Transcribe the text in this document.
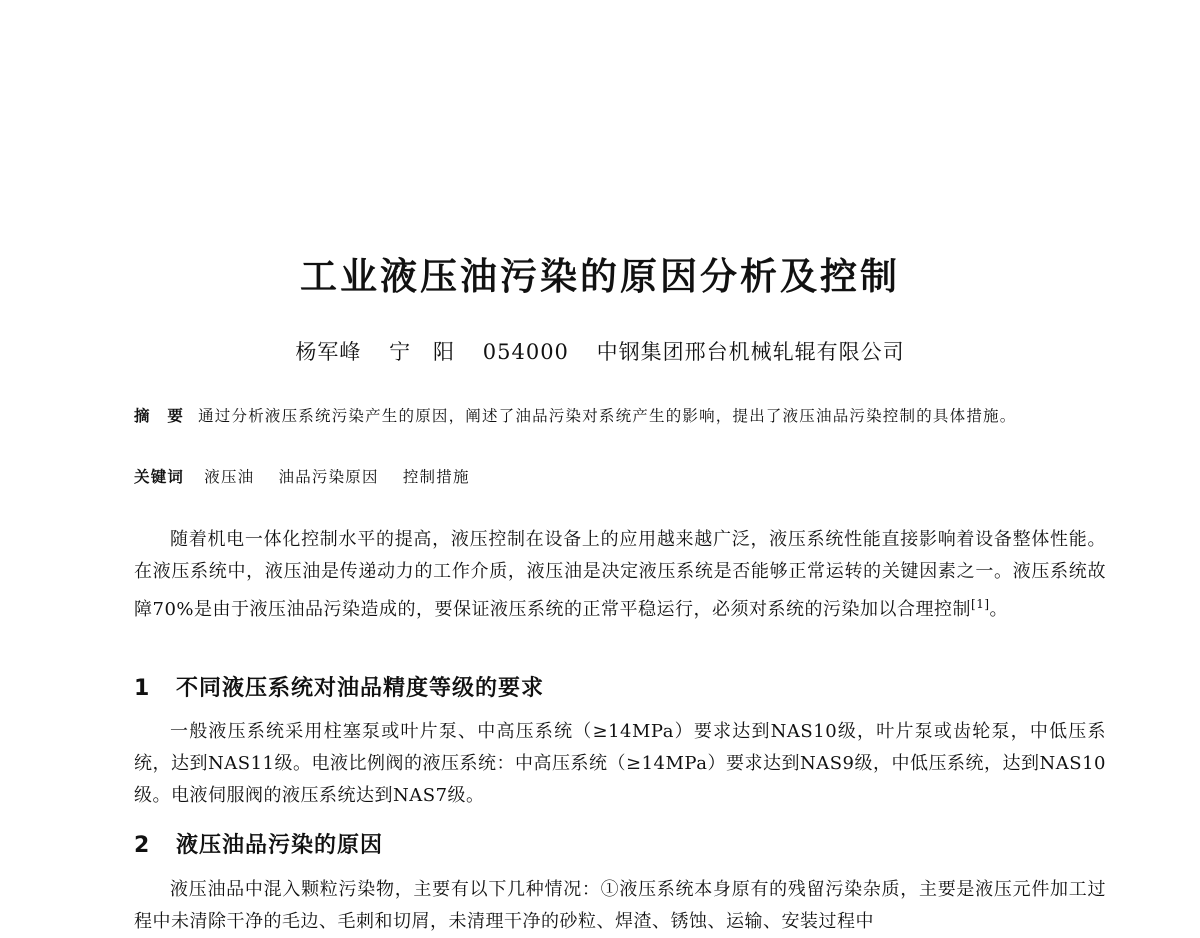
工业液压油污染的原因分析及控制
杨军峰 宁　阳 054000 中钢集团邢台机械轧辊有限公司
摘　要 通过分析液压系统污染产生的原因，阐述了油品污染对系统产生的影响，提出了液压油品污染控制的具体措施。
关键词 液压油 油品污染原因 控制措施
随着机电一体化控制水平的提高，液压控制在设备上的应用越来越广泛，液压系统性能直接影响着设备整体性能。在液压系统中，液压油是传递动力的工作介质，液压油是决定液压系统是否能够正常运转的关键因素之一。液压系统故障70%是由于液压油品污染造成的，要保证液压系统的正常平稳运行，必须对系统的污染加以合理控制[1]。
1 不同液压系统对油品精度等级的要求
一般液压系统采用柱塞泵或叶片泵、中高压系统（≥14MPa）要求达到NAS10级，叶片泵或齿轮泵，中低压系统，达到NAS11级。电液比例阀的液压系统：中高压系统（≥14MPa）要求达到NAS9级，中低压系统，达到NAS10级。电液伺服阀的液压系统达到NAS7级。
2 液压油品污染的原因
液压油品中混入颗粒污染物，主要有以下几种情况：①液压系统本身原有的残留污染杂质，主要是液压元件加工过程中未清除干净的毛边、毛刺和切屑，未清理干净的砂粒、焊渣、锈蚀、运输、安装过程中
